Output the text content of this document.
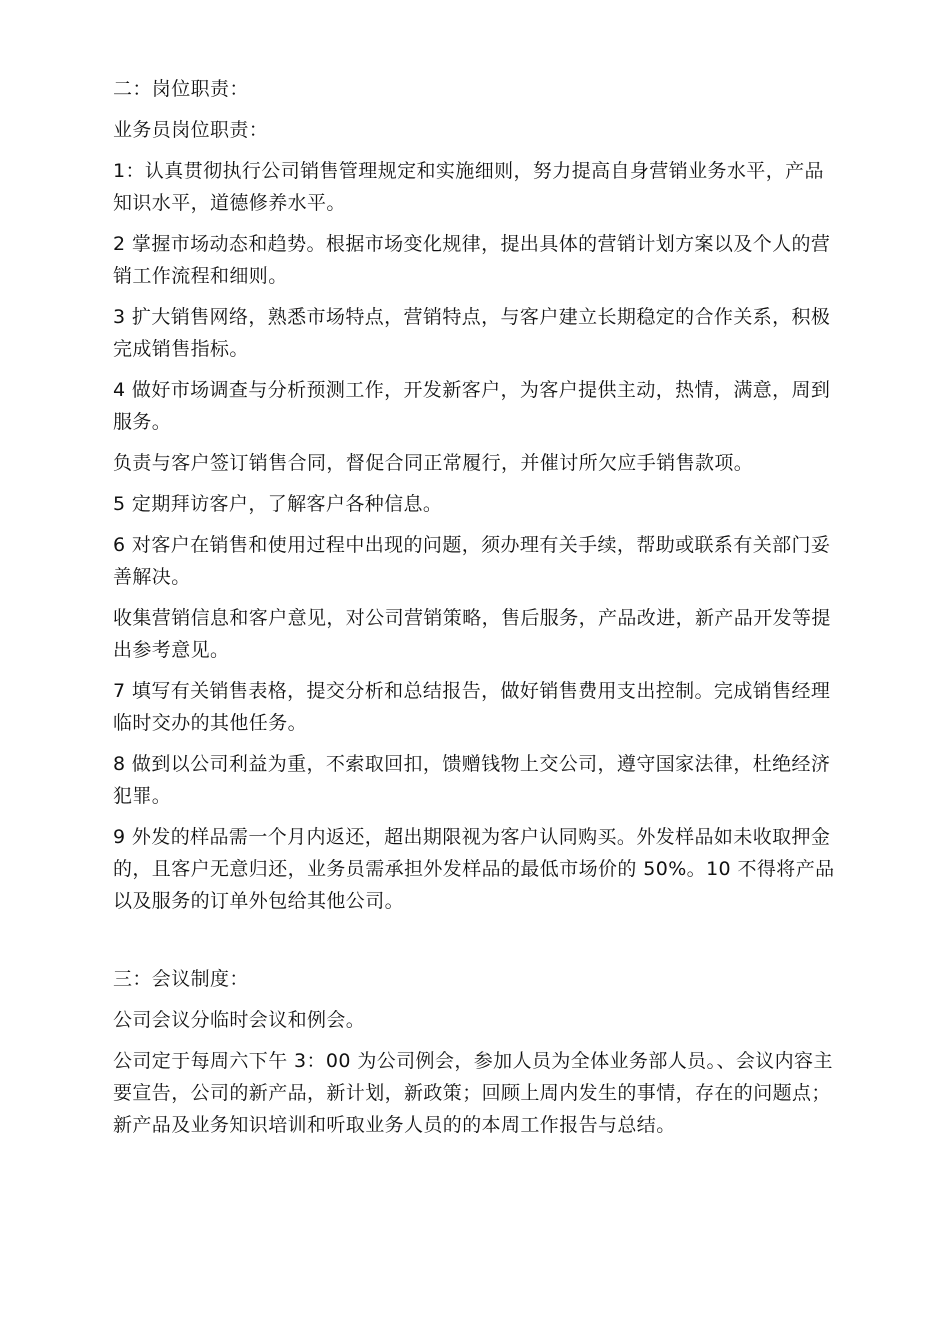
二：岗位职责：

业务员岗位职责：

1：认真贯彻执行公司销售管理规定和实施细则，努力提高自身营销业务水平，产品知识水平，道德修养水平。

2 掌握市场动态和趋势。根据市场变化规律，提出具体的营销计划方案以及个人的营销工作流程和细则。

3 扩大销售网络，熟悉市场特点，营销特点，与客户建立长期稳定的合作关系，积极完成销售指标。

4 做好市场调查与分析预测工作，开发新客户，为客户提供主动，热情，满意，周到服务。

负责与客户签订销售合同，督促合同正常履行，并催讨所欠应手销售款项。

5 定期拜访客户，了解客户各种信息。

6 对客户在销售和使用过程中出现的问题，须办理有关手续，帮助或联系有关部门妥善解决。

收集营销信息和客户意见，对公司营销策略，售后服务，产品改进，新产品开发等提出参考意见。

7 填写有关销售表格，提交分析和总结报告，做好销售费用支出控制。完成销售经理临时交办的其他任务。

8 做到以公司利益为重，不索取回扣，馈赠钱物上交公司，遵守国家法律，杜绝经济犯罪。

9 外发的样品需一个月内返还，超出期限视为客户认同购买。外发样品如未收取押金的，且客户无意归还，业务员需承担外发样品的最低市场价的 50%。10 不得将产品以及服务的订单外包给其他公司。

三：会议制度：

公司会议分临时会议和例会。

公司定于每周六下午 3：00 为公司例会，参加人员为全体业务部人员。、会议内容主要宣告，公司的新产品，新计划，新政策；回顾上周内发生的事情，存在的问题点；新产品及业务知识培训和听取业务人员的的本周工作报告与总结。
